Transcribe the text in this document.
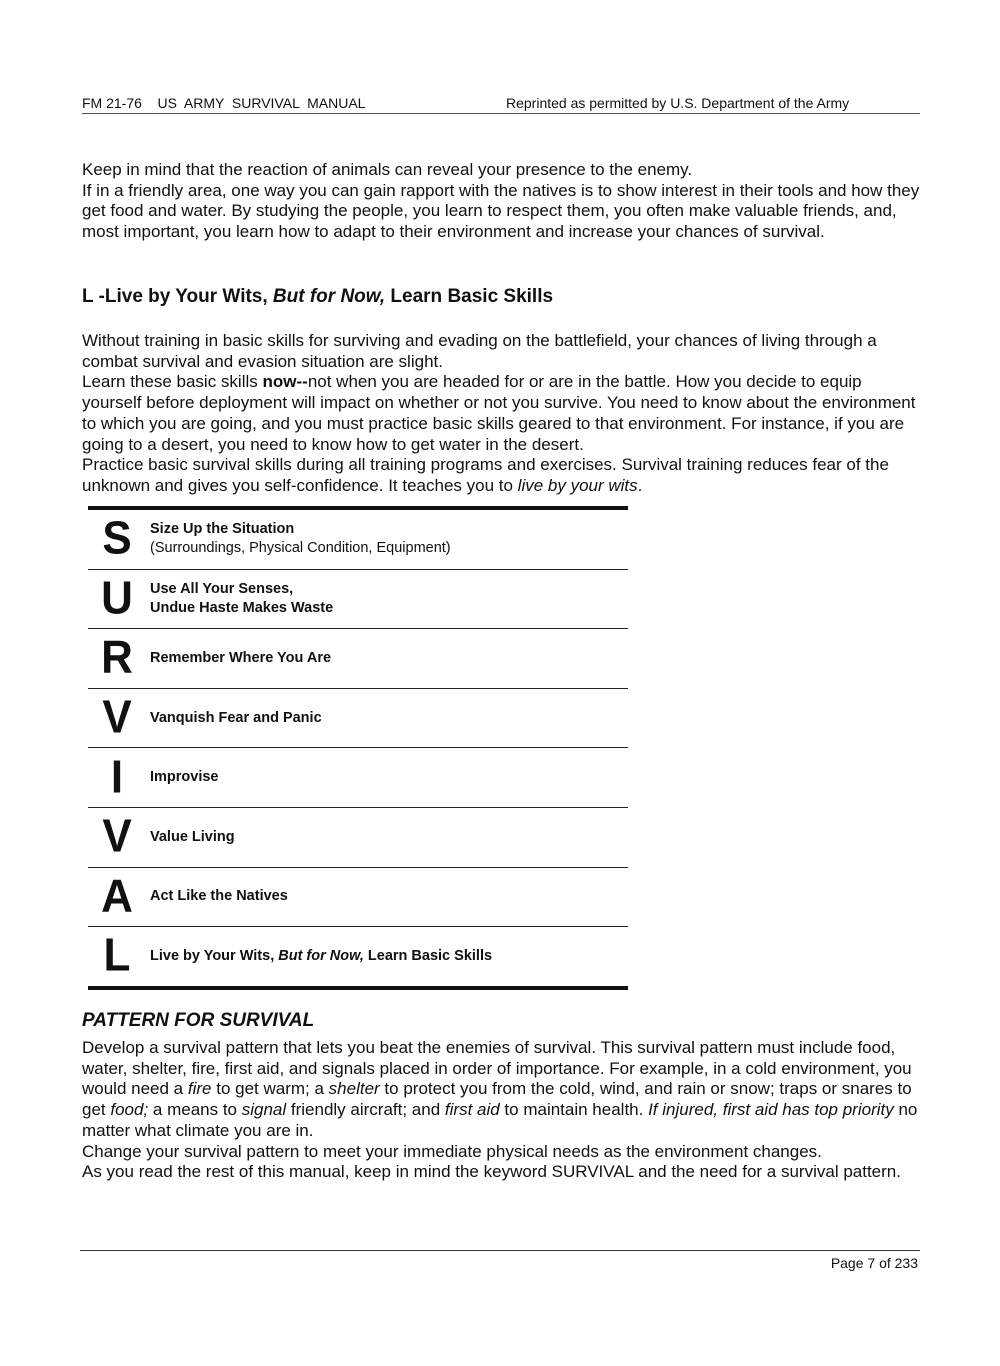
FM 21-76    US  ARMY  SURVIVAL  MANUAL	Reprinted as permitted by U.S. Department of the Army
Keep in mind that the reaction of animals can reveal your presence to the enemy.
If in a friendly area, one way you can gain rapport with the natives is to show interest in their tools and how they get food and water. By studying the people, you learn to respect them, you often make valuable friends, and, most important, you learn how to adapt to their environment and increase your chances of survival.
L -Live by Your Wits, But for Now, Learn Basic Skills
Without training in basic skills for surviving and evading on the battlefield, your chances of living through a combat survival and evasion situation are slight.
Learn these basic skills now--not when you are headed for or are in the battle. How you decide to equip yourself before deployment will impact on whether or not you survive. You need to know about the environment to which you are going, and you must practice basic skills geared to that environment. For instance, if you are going to a desert, you need to know how to get water in the desert.
Practice basic survival skills during all training programs and exercises. Survival training reduces fear of the unknown and gives you self-confidence. It teaches you to live by your wits.
S	Size Up the Situation
(Surroundings, Physical Condition, Equipment)
U	Use All Your Senses,
Undue Haste Makes Waste
R	Remember Where You Are
V	Vanquish Fear and Panic
I	Improvise
V	Value Living
A	Act Like the Natives
L	Live by Your Wits, But for Now, Learn Basic Skills
PATTERN FOR SURVIVAL
Develop a survival pattern that lets you beat the enemies of survival. This survival pattern must include food, water, shelter, fire, first aid, and signals placed in order of importance. For example, in a cold environment, you would need a fire to get warm; a shelter to protect you from the cold, wind, and rain or snow; traps or snares to get food; a means to signal friendly aircraft; and first aid to maintain health. If injured, first aid has top priority no matter what climate you are in.
Change your survival pattern to meet your immediate physical needs as the environment changes.
As you read the rest of this manual, keep in mind the keyword SURVIVAL and the need for a survival pattern.
Page 7 of 233
